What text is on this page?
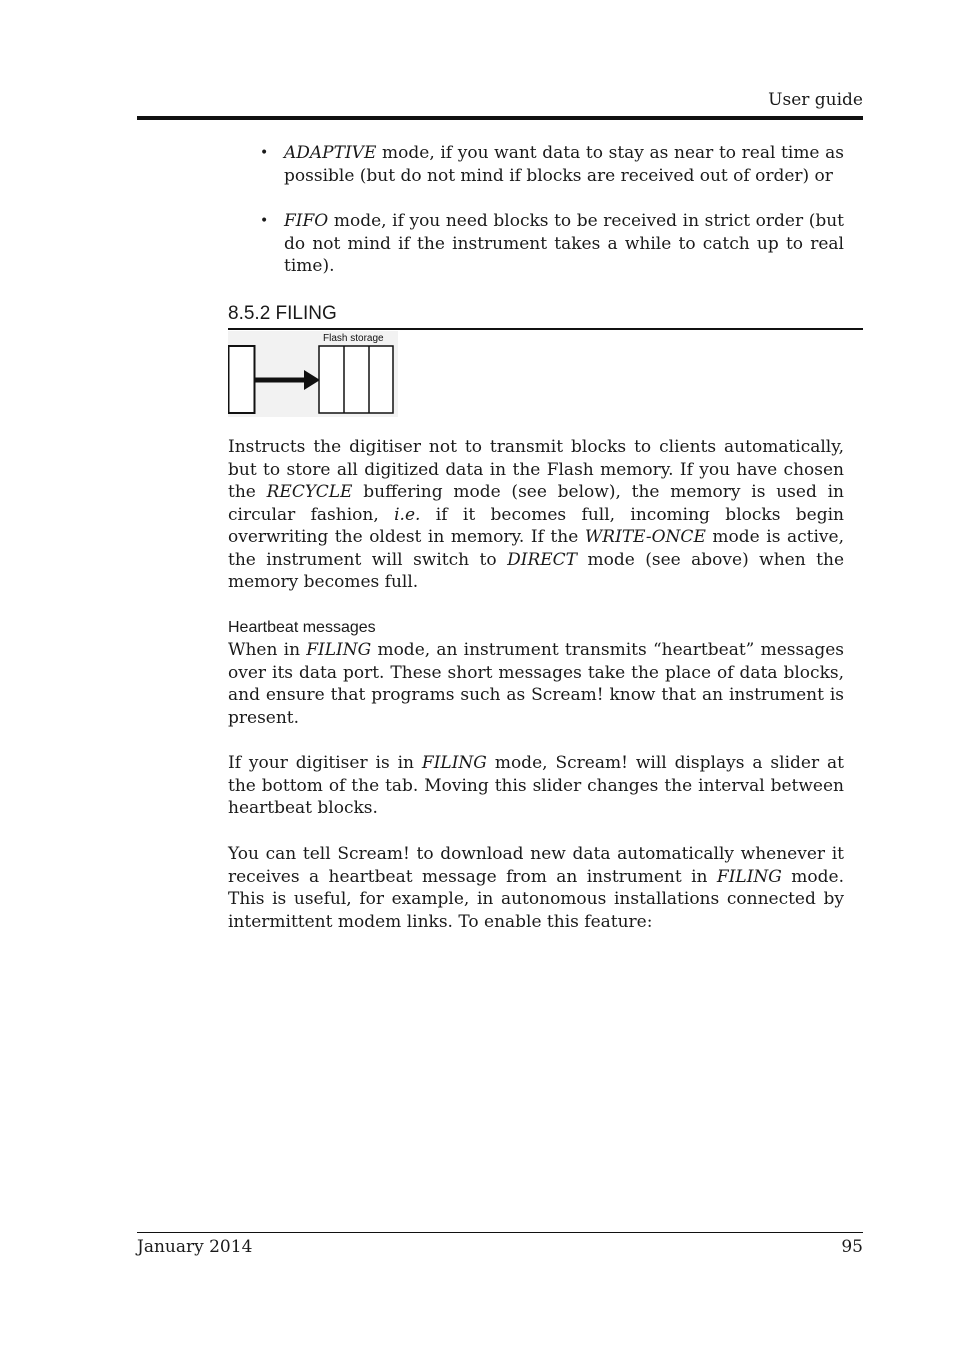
User guide
• ADAPTIVE mode, if you want data to stay as near to real time as possible (but do not mind if blocks are received out of order) or

• FIFO mode, if you need blocks to be received in strict order (but do not mind if the instrument takes a while to catch up to real time).

8.5.2 FILING
Flash storage

Instructs the digitiser not to transmit blocks to clients automatically, but to store all digitized data in the Flash memory. If you have chosen the RECYCLE buffering mode (see below), the memory is used in circular fashion, i.e. if it becomes full, incoming blocks begin overwriting the oldest in memory. If the WRITE-ONCE mode is active, the instrument will switch to DIRECT mode (see above) when the memory becomes full.

Heartbeat messages

When in FILING mode, an instrument transmits “heartbeat” messages over its data port. These short messages take the place of data blocks, and ensure that programs such as Scream! know that an instrument is present.

If your digitiser is in FILING mode, Scream! will displays a slider at the bottom of the tab. Moving this slider changes the interval between heartbeat blocks.

You can tell Scream! to download new data automatically whenever it receives a heartbeat message from an instrument in FILING mode. This is useful, for example, in autonomous installations connected by intermittent modem links. To enable this feature:

January 2014	95
